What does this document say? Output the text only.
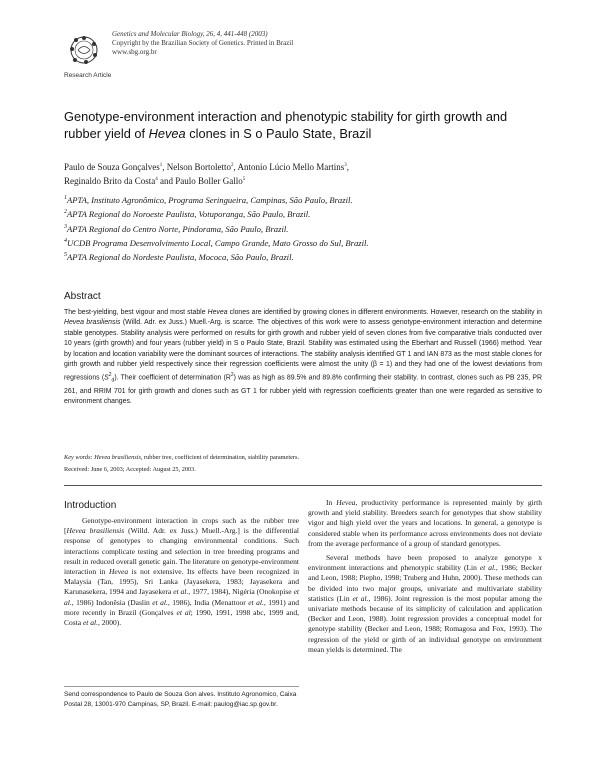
Genetics and Molecular Biology, 26, 4, 441-448 (2003)
Copyright by the Brazilian Society of Genetics. Printed in Brazil
www.sbg.org.br
Research Article
Genotype-environment interaction and phenotypic stability for girth growth and rubber yield of Hevea clones in S o Paulo State, Brazil
Paulo de Souza Gonçalves$^1$, Nelson Bortoletto$^2$, Antonio Lúcio Mello Martins$^3$,
Reginaldo Brito da Costa$^4$ and Paulo Boller Gallo$^5$
$^1$APTA, Instituto Agronômico, Programa Seringueira, Campinas, São Paulo, Brazil.
$^2$APTA Regional do Noroeste Paulista, Votuporanga, São Paulo, Brazil.
$^3$APTA Regional do Centro Norte, Pindorama, São Paulo, Brazil.
$^4$UCDB Programa Desenvolvimento Local, Campo Grande, Mato Grosso do Sul, Brazil.
$^5$APTA Regional do Nordeste Paulista, Mococa, São Paulo, Brazil.
Abstract
The best-yielding, best vigour and most stable Hevea clones are identified by growing clones in different environments. However, research on the stability in Hevea brasiliensis (Willd. Adr. ex Juss.) Muell.-Arg. is scarce. The objectives of this work were to assess genotype-environment interaction and determine stable genotypes. Stability analysis were performed on results for girth growth and rubber yield of seven clones from five comparative trials conducted over 10 years (girth growth) and four years (rubber yield) in S o Paulo State, Brazil. Stability was estimated using the Eberhart and Russell (1966) method. Year by location and location variability were the dominant sources of interactions. The stability analysis identified GT 1 and IAN 873 as the most stable clones for girth growth and rubber yield respectively since their regression coefficients were almost the unity (β = 1) and they had one of the lowest deviations from regressions $(S^2_d)$. Their coefficient of determination $(R^2)$ was as high as 89.5% and 89.8% confirming their stability. In contrast, clones such as PB 235, PR 261, and RRIM 701 for girth growth and clones such as GT 1 for rubber yield with regression coefficients greater than one were regarded as sensitive to environment changes.
Key words: Hevea brasiliensis, rubber tree, coefficient of determination, stability parameters.
Received: June 6, 2003; Accepted: August 25, 2003.
Introduction

Genotype-environment interaction in crops such as the rubber tree [Hevea brasiliensis (Willd. Adr. ex Juss.) Muell.-Arg.] is the differential response of genotypes to changing environmental conditions. Such interactions complicate testing and selection in tree breeding programs and result in reduced overall genetic gain. The literature on genotype-environment interaction in Hevea is not extensive. Its effects have been recognized in Malaysia (Tan, 1995), Sri Lanka (Jayasekera, 1983; Jayasekera and Karunasekera, 1994 and Jayasekera et al., 1977, 1984), Nigéria (Onokopise et al., 1986) Indonêsia (Daslin et al., 1986), India (Menattoor et al., 1991) and more recently in Brazil (Gonçalves et al; 1990, 1991, 1998 abc, 1999 and, Costa et al., 2000).

Send correspondence to Paulo de Souza Gon alves. Instituto Agronomico, Caixa Postal 28, 13001-970 Campinas, SP, Brazil. E-mail: paulog@iac.sp.gov.br.

In Hevea, productivity performance is represented mainly by girth growth and yield stability. Breeders search for genotypes that show stability vigor and high yield over the years and locations. In general, a genotype is considered stable when its performance across environments does not deviate from the average performance of a group of standard genotypes.

Several methods have been proposed to analyze genotype x environment interactions and phenotypic stability (Lin et al., 1986; Becker and Leon, 1988; Piepho, 1998; Truberg and Huhn, 2000). These methods can be divided into two major groups, univariate and multivariate stability statistics (Lin et al., 1986). Joint regression is the most popular among the univariate methods because of its simplicity of calculation and application (Becker and Leon, 1988). Joint regression provides a conceptual model for genotype stability (Becker and Leon, 1988; Romagosa and Fox, 1993). The regression of the yield or girth of an individual genotype on environment mean yields is determined. The
